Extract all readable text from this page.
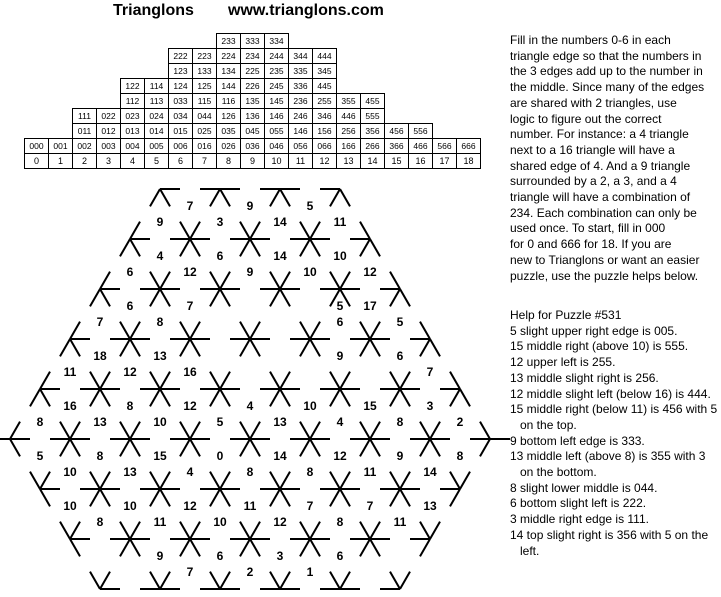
Trianglons www.trianglons.com
								233	333	334								
						222	223	224	234	244	344	444						
						123	133	134	225	235	335	345						
				122	114	124	125	144	226	245	336	445						
				112	113	033	115	116	135	145	236	255	355	455				
		111	022	023	024	034	044	126	136	146	246	346	446	555				
		011	012	013	014	015	025	035	045	055	146	156	256	356	456	556		
000	001	002	003	004	005	006	016	026	036	046	056	066	166	266	366	466	566	666
0	1	2	3	4	5	6	7	8	9	10	11	12	13	14	15	16	17	18
7	9	5
9	3	14	11
4	6	14	10
6	12	9	10	12
6	7	5 17
7	8	6	5
18	13	9	6
11	12	16	7
16	8	12	4	10	15	3
8	13	10	5	13	4	8	2
5	8	15	0	14	12	9	8
10	13	4	8	8	11	14
10	10	12	11	7	7	13
8	11	10	12	8	11
9	6	3	6
7	2	1
Fill in the numbers 0-6 in each
triangle edge so that the numbers in
the 3 edges add up to the number in
the middle. Since many of the edges
are shared with 2 triangles, use
logic to figure out the correct
number. For instance: a 4 triangle
next to a 16 triangle will have a
shared edge of 4. And a 9 triangle
surrounded by a 2, a 3, and a 4
triangle will have a combination of
234. Each combination can only be
used once. To start, fill in 000
for 0 and 666 for 18. If you are
new to Trianglons or want an easier
puzzle, use the puzzle helps below.
Help for Puzzle #531
5 slight upper right edge is 005.
15 middle right (above 10) is 555.
12 upper left is 255.
13 middle slight right is 256.
12 middle slight left (below 16) is 444.
15 middle right (below 11) is 456 with 5 on the top.
9 bottom left edge is 333.
13 middle left (above 8) is 355 with 3 on the bottom.
8 slight lower middle is 044.
6 bottom slight left is 222.
3 middle right edge is 111.
14 top slight right is 356 with 5 on the left.
